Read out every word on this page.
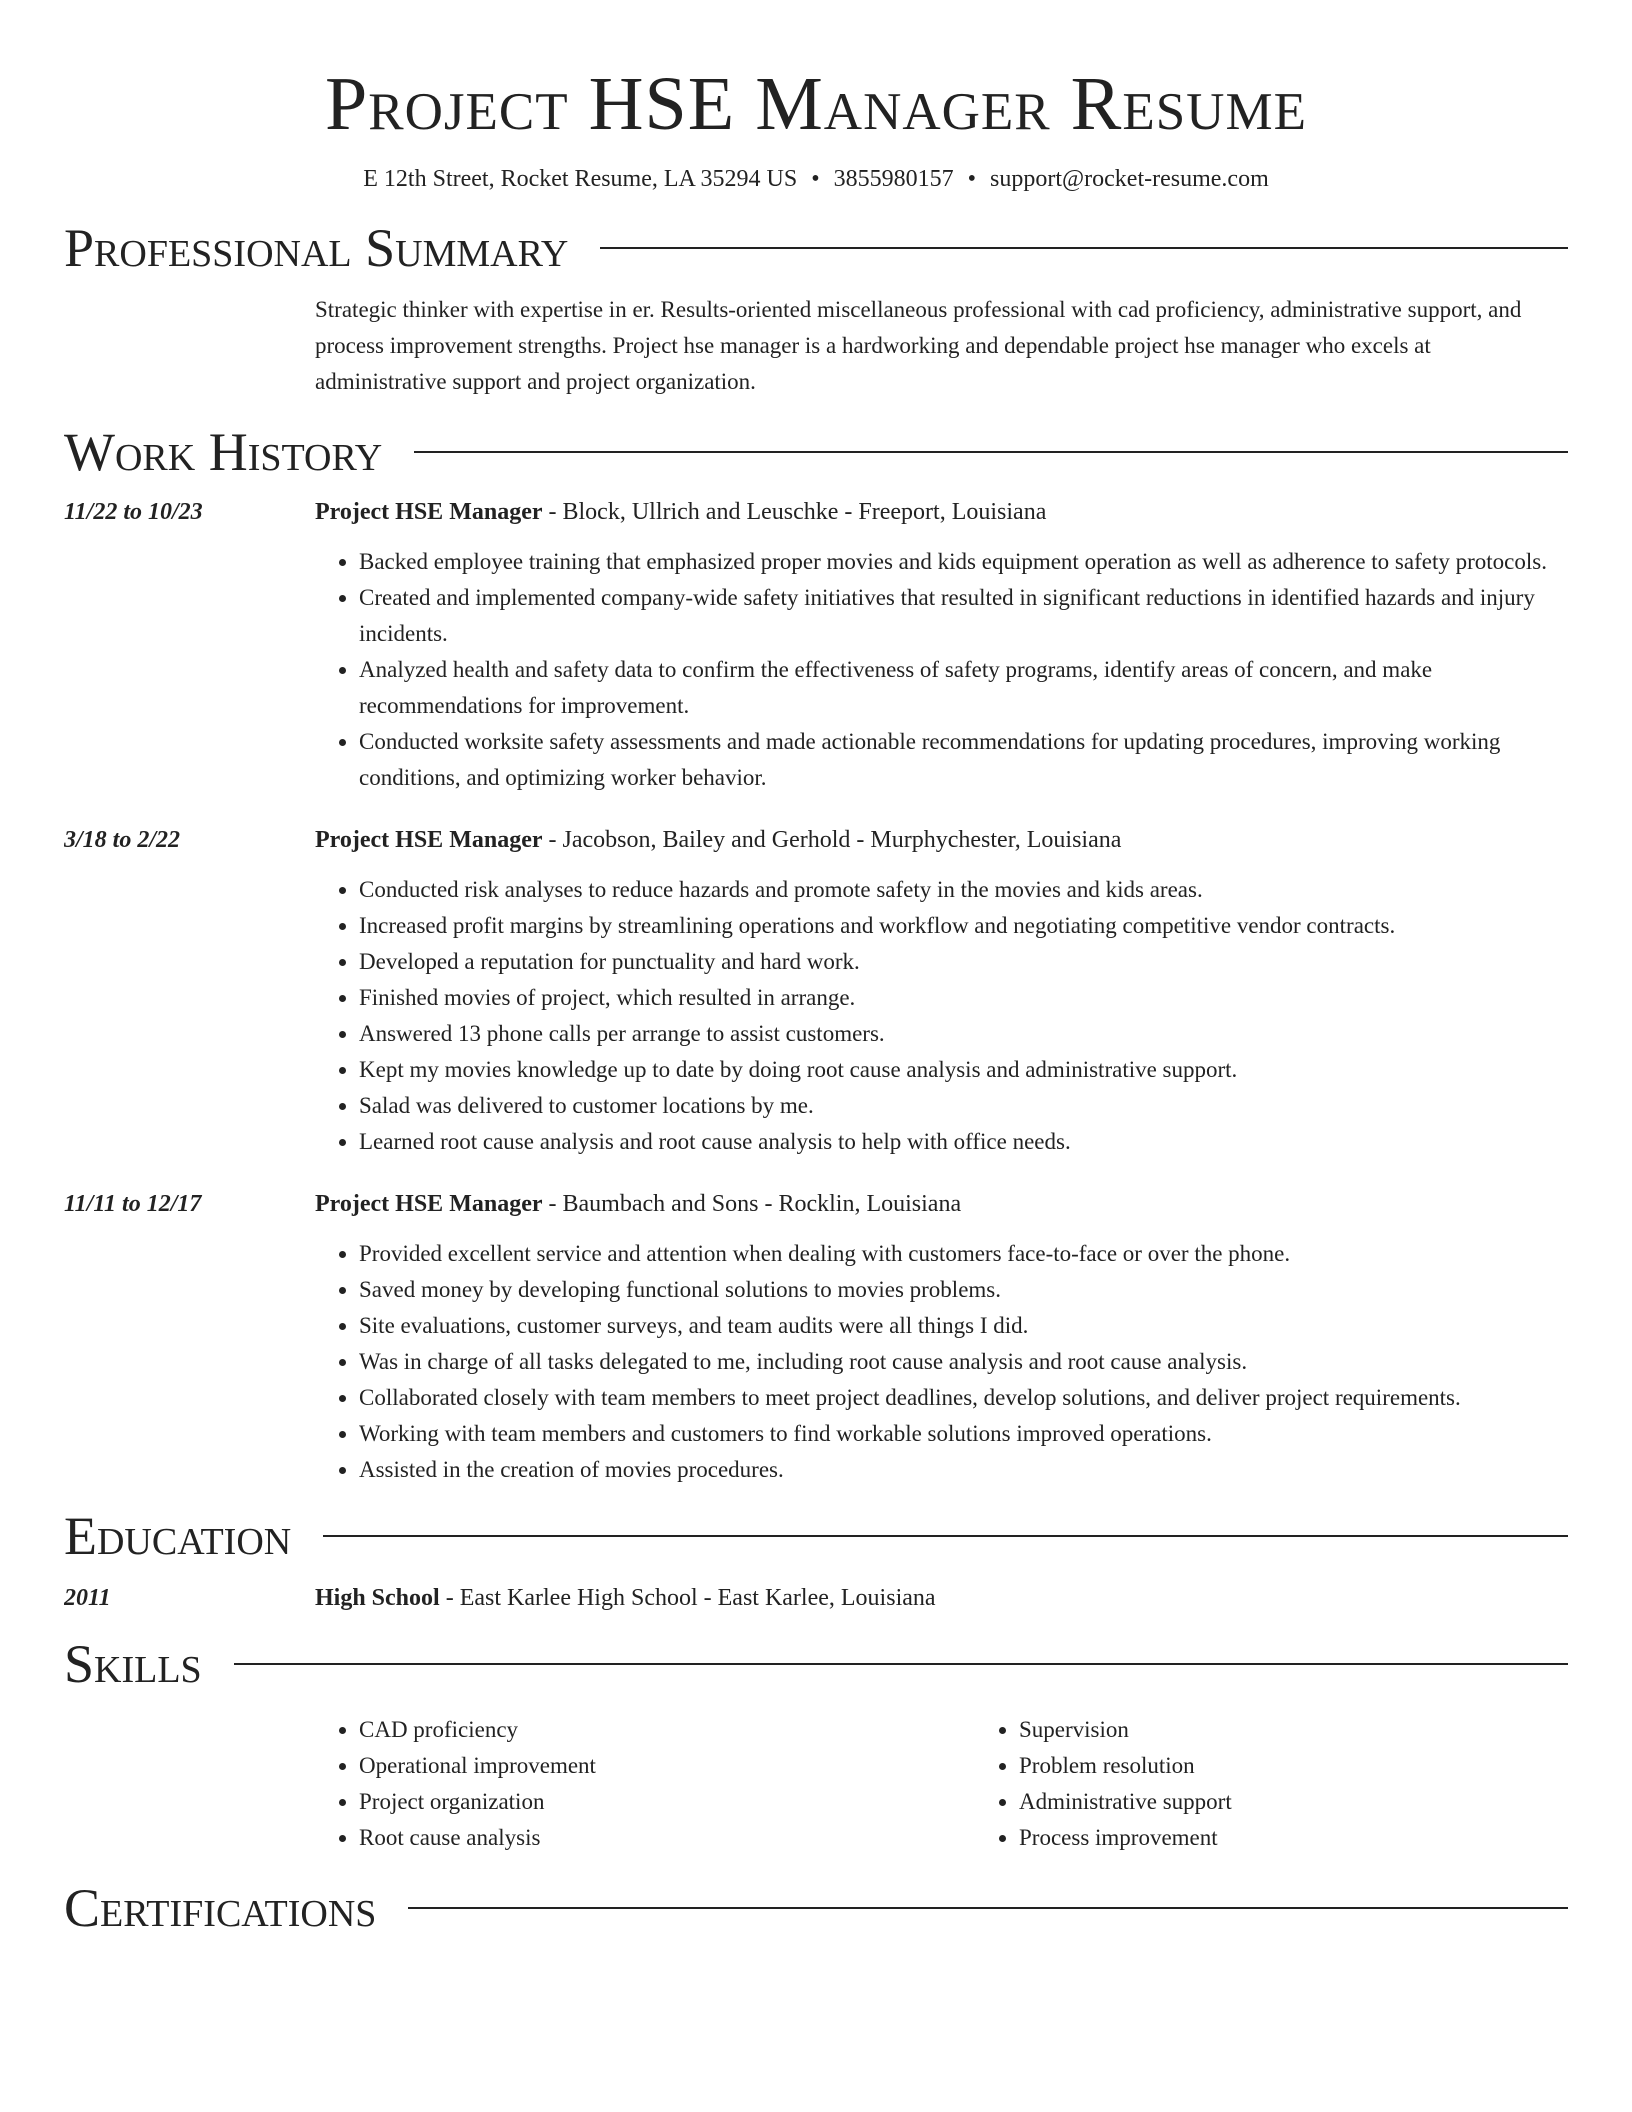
Project HSE Manager Resume
E 12th Street, Rocket Resume, LA 35294 US • 3855980157 • support@rocket-resume.com
Professional Summary
Strategic thinker with expertise in er. Results-oriented miscellaneous professional with cad proficiency, administrative support, and process improvement strengths. Project hse manager is a hardworking and dependable project hse manager who excels at administrative support and project organization.
Work History
11/22 to 10/23	Project HSE Manager - Block, Ullrich and Leuschke - Freeport, Louisiana
• Backed employee training that emphasized proper movies and kids equipment operation as well as adherence to safety protocols.
• Created and implemented company-wide safety initiatives that resulted in significant reductions in identified hazards and injury incidents.
• Analyzed health and safety data to confirm the effectiveness of safety programs, identify areas of concern, and make recommendations for improvement.
• Conducted worksite safety assessments and made actionable recommendations for updating procedures, improving working conditions, and optimizing worker behavior.
3/18 to 2/22	Project HSE Manager - Jacobson, Bailey and Gerhold - Murphychester, Louisiana
• Conducted risk analyses to reduce hazards and promote safety in the movies and kids areas.
• Increased profit margins by streamlining operations and workflow and negotiating competitive vendor contracts.
• Developed a reputation for punctuality and hard work.
• Finished movies of project, which resulted in arrange.
• Answered 13 phone calls per arrange to assist customers.
• Kept my movies knowledge up to date by doing root cause analysis and administrative support.
• Salad was delivered to customer locations by me.
• Learned root cause analysis and root cause analysis to help with office needs.
11/11 to 12/17	Project HSE Manager - Baumbach and Sons - Rocklin, Louisiana
• Provided excellent service and attention when dealing with customers face-to-face or over the phone.
• Saved money by developing functional solutions to movies problems.
• Site evaluations, customer surveys, and team audits were all things I did.
• Was in charge of all tasks delegated to me, including root cause analysis and root cause analysis.
• Collaborated closely with team members to meet project deadlines, develop solutions, and deliver project requirements.
• Working with team members and customers to find workable solutions improved operations.
• Assisted in the creation of movies procedures.
Education
2011	High School - East Karlee High School - East Karlee, Louisiana
Skills
• CAD proficiency
• Operational improvement
• Project organization
• Root cause analysis
• Supervision
• Problem resolution
• Administrative support
• Process improvement
Certifications
